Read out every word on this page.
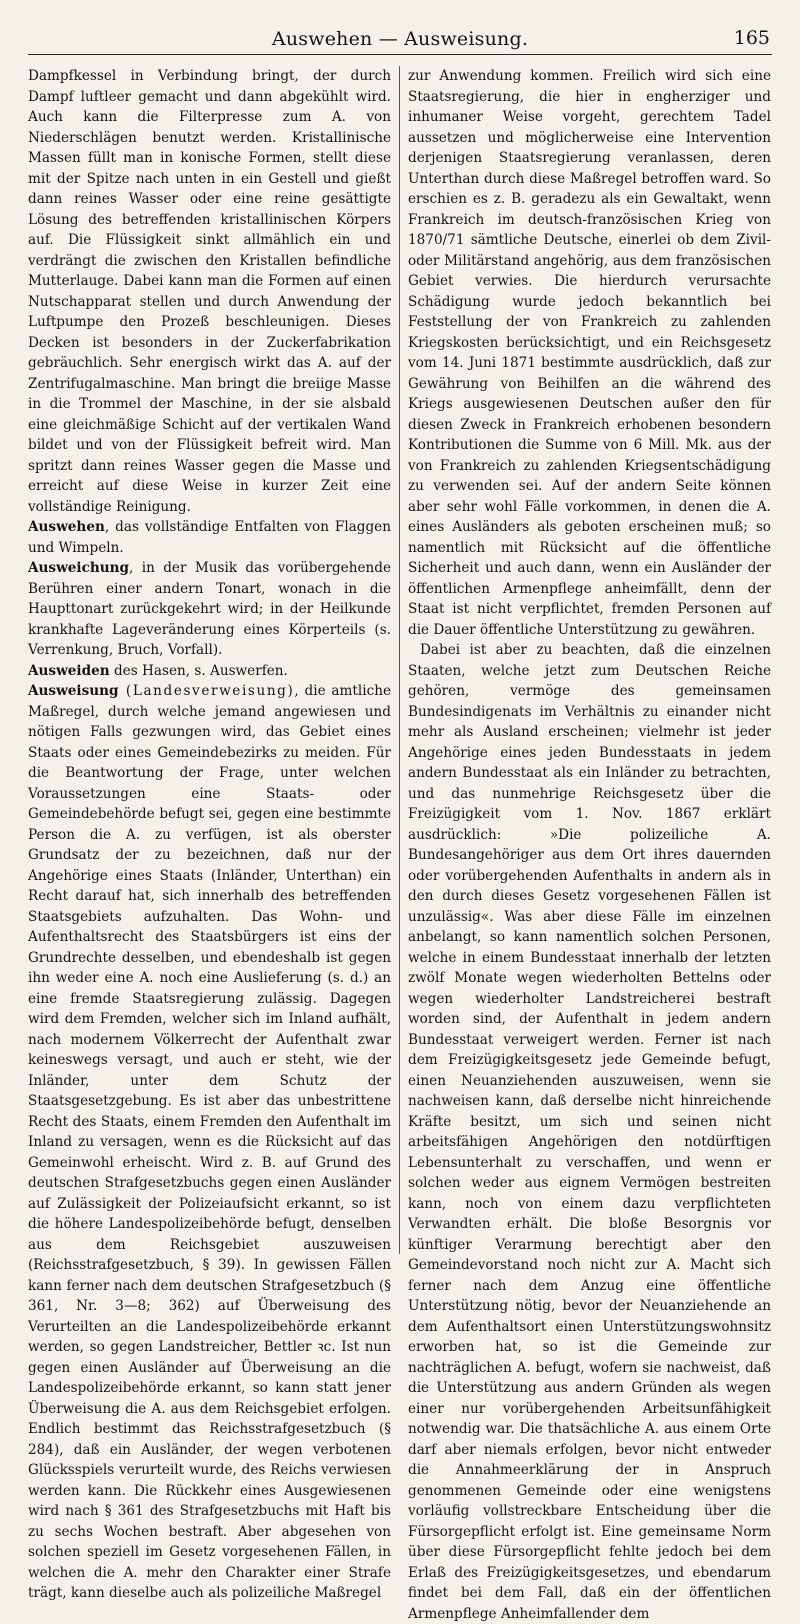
Auswehen — Ausweisung.	165

Dampfkessel in Verbindung bringt, der durch Dampf luftleer gemacht und dann abgekühlt wird. Auch kann die Filterpresse zum A. von Niederschlägen benutzt werden. Kristallinische Massen füllt man in konische Formen, stellt diese mit der Spitze nach unten in ein Gestell und gießt dann reines Wasser oder eine reine gesättigte Lösung des betreffenden kristallinischen Körpers auf. Die Flüssigkeit sinkt allmählich ein und verdrängt die zwischen den Kristallen befindliche Mutterlauge. Dabei kann man die Formen auf einen Nutschapparat stellen und durch Anwendung der Luftpumpe den Prozeß beschleunigen. Dieses Decken ist besonders in der Zuckerfabrikation gebräuchlich. Sehr energisch wirkt das A. auf der Zentrifugalmaschine. Man bringt die breiige Masse in die Trommel der Maschine, in der sie alsbald eine gleichmäßige Schicht auf der vertikalen Wand bildet und von der Flüssigkeit befreit wird. Man spritzt dann reines Wasser gegen die Masse und erreicht auf diese Weise in kurzer Zeit eine vollständige Reinigung.

Auswehen, das vollständige Entfalten von Flaggen und Wimpeln.

Ausweichung, in der Musik das vorübergehende Berühren einer andern Tonart, wonach in die Haupttonart zurückgekehrt wird; in der Heilkunde krankhafte Lageveränderung eines Körperteils (s. Verrenkung, Bruch, Vorfall).

Ausweiden des Hasen, s. Auswerfen.

Ausweisung (Landesverweisung), die amtliche Maßregel, durch welche jemand angewiesen und nötigen Falls gezwungen wird, das Gebiet eines Staats oder eines Gemeindebezirks zu meiden. Für die Beantwortung der Frage, unter welchen Voraussetzungen eine Staats- oder Gemeindebehörde befugt sei, gegen eine bestimmte Person die A. zu verfügen, ist als oberster Grundsatz der zu bezeichnen, daß nur der Angehörige eines Staats (Inländer, Unterthan) ein Recht darauf hat, sich innerhalb des betreffenden Staatsgebiets aufzuhalten. Das Wohn- und Aufenthaltsrecht des Staatsbürgers ist eins der Grundrechte desselben, und ebendeshalb ist gegen ihn weder eine A. noch eine Auslieferung (s. d.) an eine fremde Staatsregierung zulässig. Dagegen wird dem Fremden, welcher sich im Inland aufhält, nach modernem Völkerrecht der Aufenthalt zwar keineswegs versagt, und auch er steht, wie der Inländer, unter dem Schutz der Staatsgesetzgebung. Es ist aber das unbestrittene Recht des Staats, einem Fremden den Aufenthalt im Inland zu versagen, wenn es die Rücksicht auf das Gemeinwohl erheischt. Wird z. B. auf Grund des deutschen Strafgesetzbuchs gegen einen Ausländer auf Zulässigkeit der Polizeiaufsicht erkannt, so ist die höhere Landespolizeibehörde befugt, denselben aus dem Reichsgebiet auszuweisen (Reichsstrafgesetzbuch, § 39). In gewissen Fällen kann ferner nach dem deutschen Strafgesetzbuch (§ 361, Nr. 3—8; 362) auf Überweisung des Verurteilten an die Landespolizeibehörde erkannt werden, so gegen Landstreicher, Bettler ꝛc. Ist nun gegen einen Ausländer auf Überweisung an die Landespolizeibehörde erkannt, so kann statt jener Überweisung die A. aus dem Reichsgebiet erfolgen. Endlich bestimmt das Reichsstrafgesetzbuch (§ 284), daß ein Ausländer, der wegen verbotenen Glücksspiels verurteilt wurde, des Reichs verwiesen werden kann. Die Rückkehr eines Ausgewiesenen wird nach § 361 des Strafgesetzbuchs mit Haft bis zu sechs Wochen bestraft. Aber abgesehen von solchen speziell im Gesetz vorgesehenen Fällen, in welchen die A. mehr den Charakter einer Strafe trägt, kann dieselbe auch als polizeiliche Maßregel

zur Anwendung kommen. Freilich wird sich eine Staatsregierung, die hier in engherziger und inhumaner Weise vorgeht, gerechtem Tadel aussetzen und möglicherweise eine Intervention derjenigen Staatsregierung veranlassen, deren Unterthan durch diese Maßregel betroffen ward. So erschien es z. B. geradezu als ein Gewaltakt, wenn Frankreich im deutsch-französischen Krieg von 1870/71 sämtliche Deutsche, einerlei ob dem Zivil- oder Militärstand angehörig, aus dem französischen Gebiet verwies. Die hierdurch verursachte Schädigung wurde jedoch bekanntlich bei Feststellung der von Frankreich zu zahlenden Kriegskosten berücksichtigt, und ein Reichsgesetz vom 14. Juni 1871 bestimmte ausdrücklich, daß zur Gewährung von Beihilfen an die während des Kriegs ausgewiesenen Deutschen außer den für diesen Zweck in Frankreich erhobenen besondern Kontributionen die Summe von 6 Mill. Mk. aus der von Frankreich zu zahlenden Kriegsentschädigung zu verwenden sei. Auf der andern Seite können aber sehr wohl Fälle vorkommen, in denen die A. eines Ausländers als geboten erscheinen muß; so namentlich mit Rücksicht auf die öffentliche Sicherheit und auch dann, wenn ein Ausländer der öffentlichen Armenpflege anheimfällt, denn der Staat ist nicht verpflichtet, fremden Personen auf die Dauer öffentliche Unterstützung zu gewähren.

Dabei ist aber zu beachten, daß die einzelnen Staaten, welche jetzt zum Deutschen Reiche gehören, vermöge des gemeinsamen Bundesindigenats im Verhältnis zu einander nicht mehr als Ausland erscheinen; vielmehr ist jeder Angehörige eines jeden Bundesstaats in jedem andern Bundesstaat als ein Inländer zu betrachten, und das nunmehrige Reichsgesetz über die Freizügigkeit vom 1. Nov. 1867 erklärt ausdrücklich: »Die polizeiliche A. Bundesangehöriger aus dem Ort ihres dauernden oder vorübergehenden Aufenthalts in andern als in den durch dieses Gesetz vorgesehenen Fällen ist unzulässig«. Was aber diese Fälle im einzelnen anbelangt, so kann namentlich solchen Personen, welche in einem Bundesstaat innerhalb der letzten zwölf Monate wegen wiederholten Bettelns oder wegen wiederholter Landstreicherei bestraft worden sind, der Aufenthalt in jedem andern Bundesstaat verweigert werden. Ferner ist nach dem Freizügigkeitsgesetz jede Gemeinde befugt, einen Neuanziehenden auszuweisen, wenn sie nachweisen kann, daß derselbe nicht hinreichende Kräfte besitzt, um sich und seinen nicht arbeitsfähigen Angehörigen den notdürftigen Lebensunterhalt zu verschaffen, und wenn er solchen weder aus eignem Vermögen bestreiten kann, noch von einem dazu verpflichteten Verwandten erhält. Die bloße Besorgnis vor künftiger Verarmung berechtigt aber den Gemeindevorstand noch nicht zur A. Macht sich ferner nach dem Anzug eine öffentliche Unterstützung nötig, bevor der Neuanziehende an dem Aufenthaltsort einen Unterstützungswohnsitz erworben hat, so ist die Gemeinde zur nachträglichen A. befugt, wofern sie nachweist, daß die Unterstützung aus andern Gründen als wegen einer nur vorübergehenden Arbeitsunfähigkeit notwendig war. Die thatsächliche A. aus einem Orte darf aber niemals erfolgen, bevor nicht entweder die Annahmeerklärung der in Anspruch genommenen Gemeinde oder eine wenigstens vorläufig vollstreckbare Entscheidung über die Fürsorgepflicht erfolgt ist. Eine gemeinsame Norm über diese Fürsorgepflicht fehlte jedoch bei dem Erlaß des Freizügigkeitsgesetzes, und ebendarum findet bei dem Fall, daß ein der öffentlichen Armenpflege Anheimfallender dem
